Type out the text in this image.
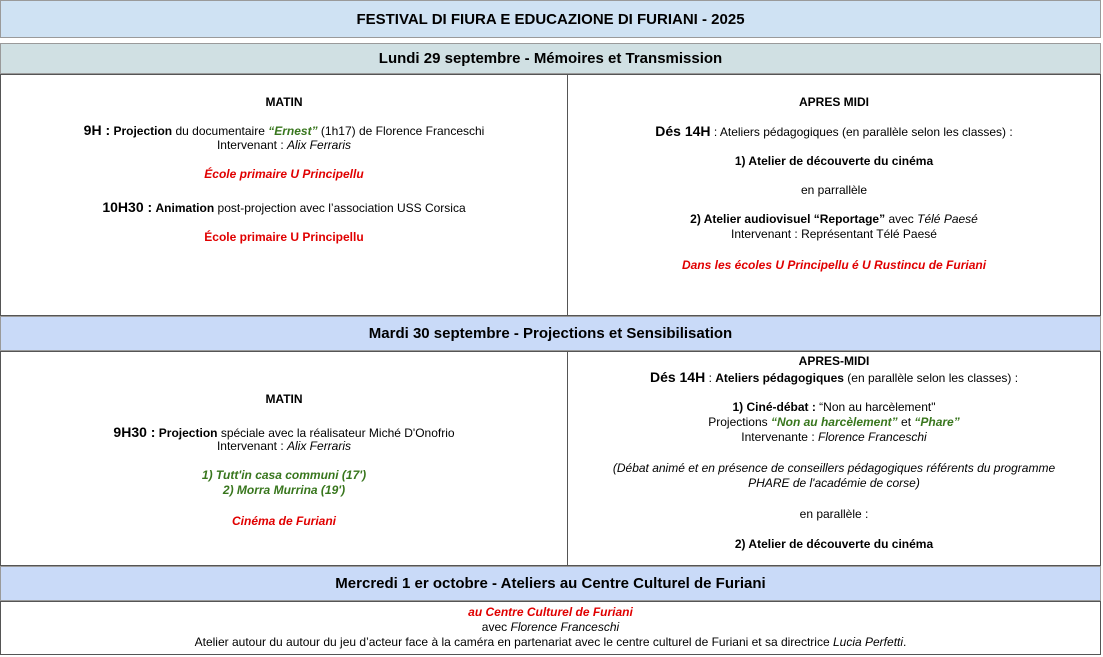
FESTIVAL DI FIURA E EDUCAZIONE DI FURIANI - 2025
Lundi 29 septembre - Mémoires et Transmission
MATIN
9H : Projection du documentaire “Ernest” (1h17) de Florence Franceschi
Intervenant : Alix Ferraris
École primaire U Principellu
10H30 : Animation post-projection avec l’association USS Corsica
École primaire U Principellu
APRES MIDI
Dés 14H : Ateliers pédagogiques (en parallèle selon les classes) :
1) Atelier de découverte du cinéma
en parrallèle
2) Atelier audiovisuel “Reportage” avec Télé Paesé
Intervenant : Représentant Télé Paesé
Dans les écoles U Principellu é U Rustincu de Furiani
Mardi 30 septembre - Projections et Sensibilisation
MATIN
9H30 : Projection spéciale avec la réalisateur Miché D'Onofrio
Intervenant : Alix Ferraris
1) Tutt'in casa communi (17')
2) Morra Murrina (19')
Cinéma de Furiani
APRES-MIDI
Dés 14H : Ateliers pédagogiques (en parallèle selon les classes) :
1) Ciné-débat : “Non au harcèlement"
Projections “Non au harcèlement” et “Phare”
Intervenante : Florence Franceschi
(Débat animé et en présence de conseillers pédagogiques référents du programme
PHARE de l'académie de corse)
en parallèle :
2) Atelier de découverte du cinéma
Mercredi 1 er octobre - Ateliers au Centre Culturel de Furiani
au Centre Culturel de Furiani
avec Florence Franceschi
Atelier autour du autour du jeu d’acteur face à la caméra en partenariat avec le centre culturel de Furiani et sa directrice Lucia Perfetti.
